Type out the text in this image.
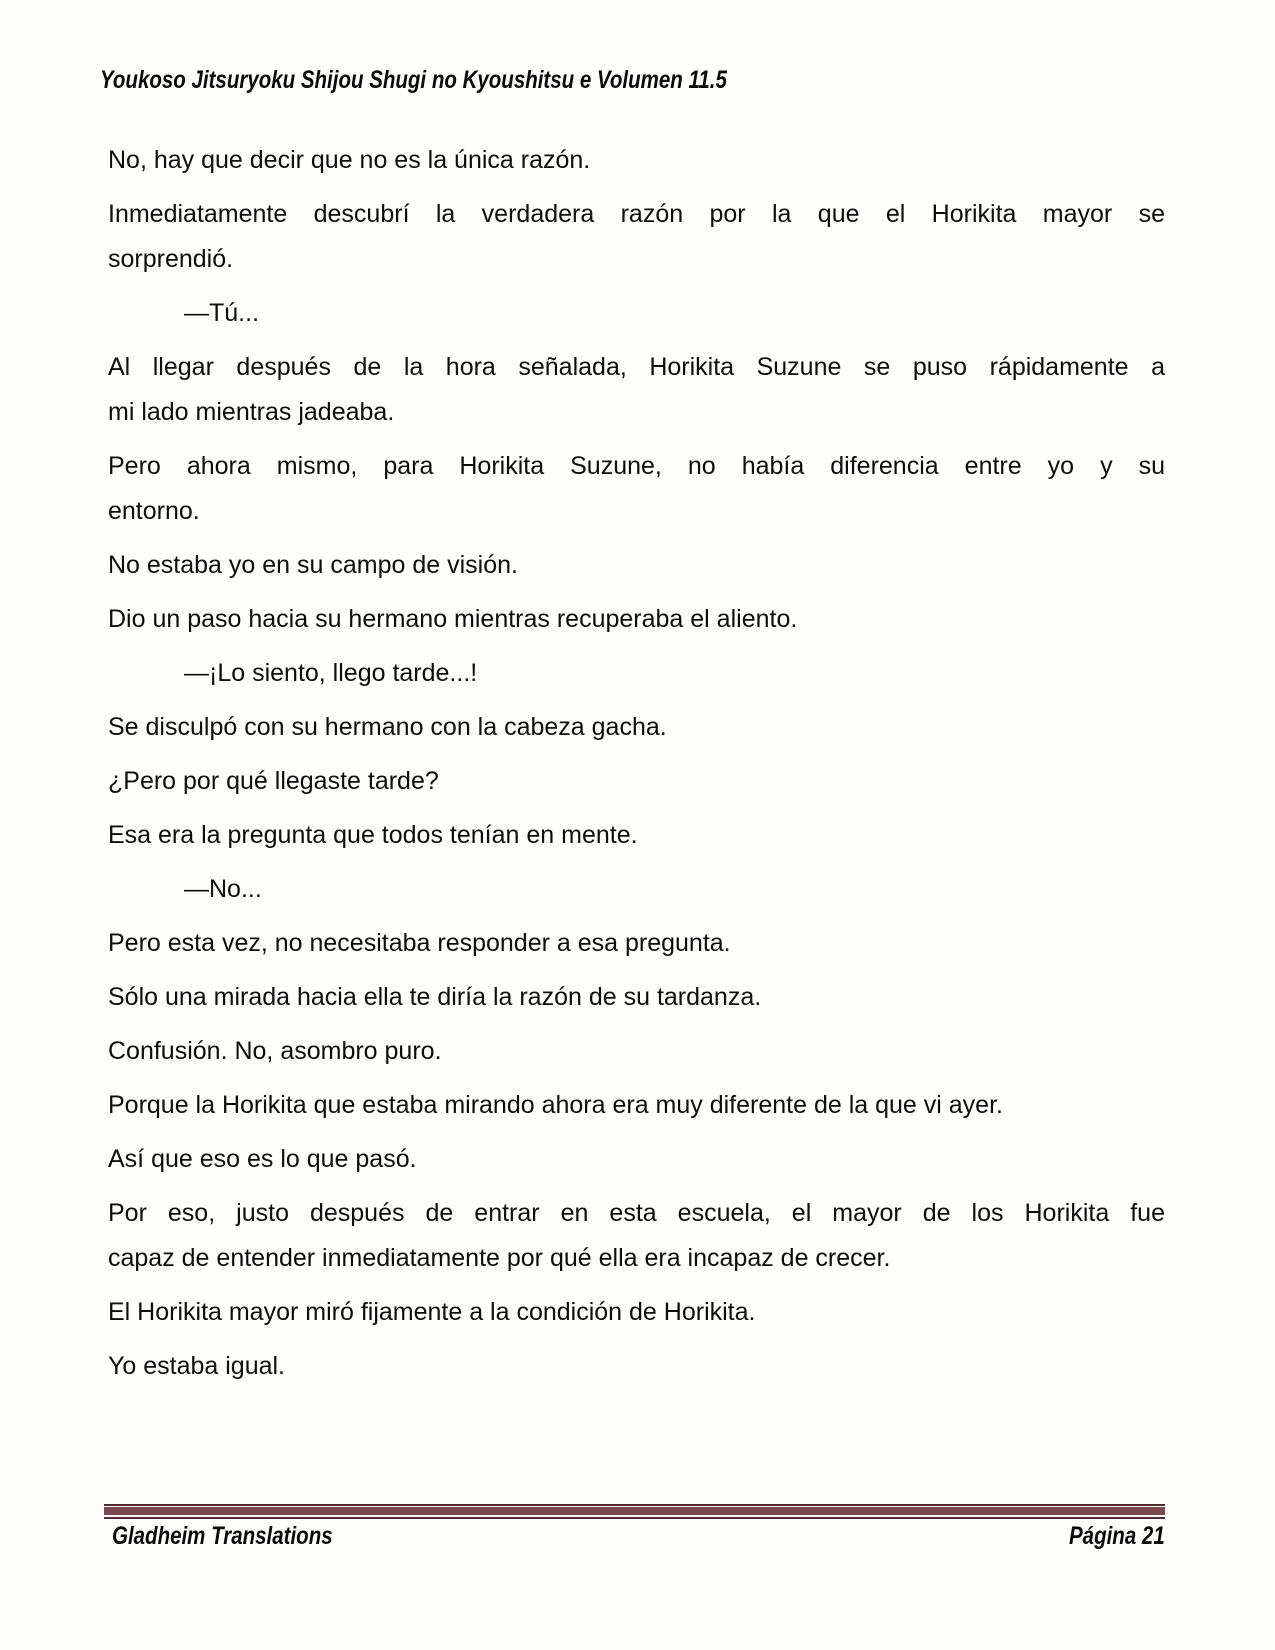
Youkoso Jitsuryoku Shijou Shugi no Kyoushitsu e Volumen 11.5
No, hay que decir que no es la única razón.
Inmediatamente descubrí la verdadera razón por la que el Horikita mayor se
sorprendió.
—Tú...
Al llegar después de la hora señalada, Horikita Suzune se puso rápidamente a
mi lado mientras jadeaba.
Pero ahora mismo, para Horikita Suzune, no había diferencia entre yo y su
entorno.
No estaba yo en su campo de visión.
Dio un paso hacia su hermano mientras recuperaba el aliento.
—¡Lo siento, llego tarde...!
Se disculpó con su hermano con la cabeza gacha.
¿Pero por qué llegaste tarde?
Esa era la pregunta que todos tenían en mente.
—No...
Pero esta vez, no necesitaba responder a esa pregunta.
Sólo una mirada hacia ella te diría la razón de su tardanza.
Confusión. No, asombro puro.
Porque la Horikita que estaba mirando ahora era muy diferente de la que vi ayer.
Así que eso es lo que pasó.
Por eso, justo después de entrar en esta escuela, el mayor de los Horikita fue
capaz de entender inmediatamente por qué ella era incapaz de crecer.
El Horikita mayor miró fijamente a la condición de Horikita.
Yo estaba igual.
Gladheim Translations	Página 21
